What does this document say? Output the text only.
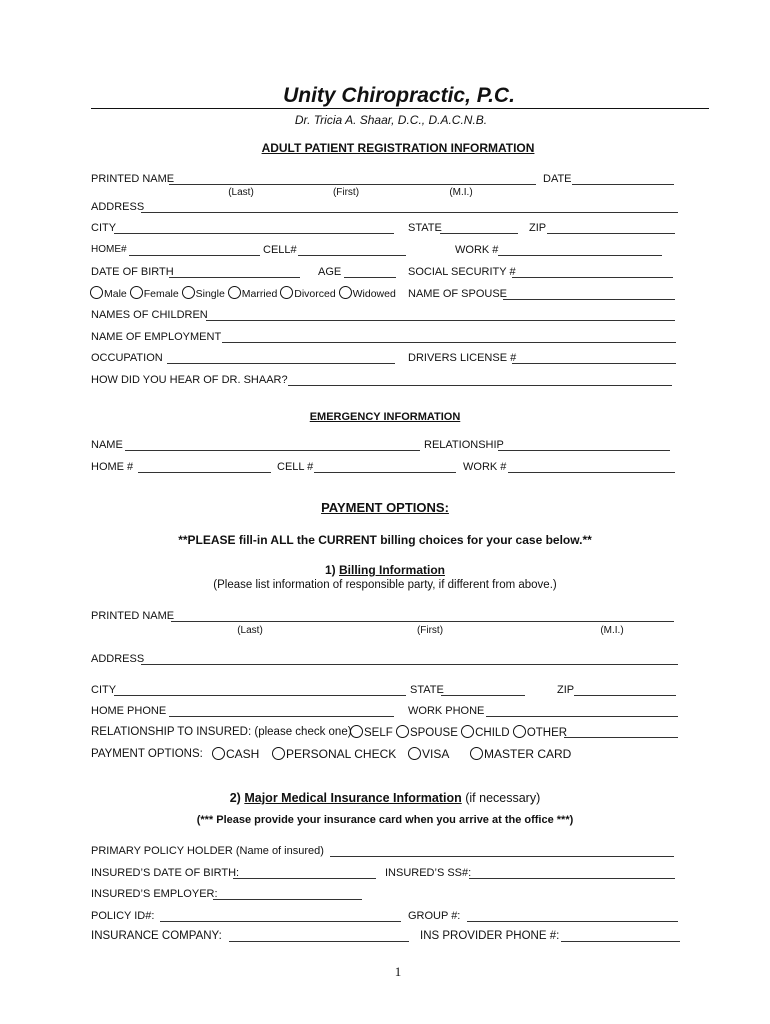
Unity Chiropractic, P.C.
Dr. Tricia A. Shaar, D.C., D.A.C.N.B.
ADULT PATIENT REGISTRATION INFORMATION
PRINTED NAME	DATE
(Last)	(First)	(M.I.)
ADDRESS
CITY	STATE	ZIP
HOME#	CELL#	WORK #
DATE OF BIRTH	AGE	SOCIAL SECURITY #
Male Female Single Married Divorced Widowed NAME OF SPOUSE
NAMES OF CHILDREN
NAME OF EMPLOYMENT
OCCUPATION	DRIVERS LICENSE #
HOW DID YOU HEAR OF DR. SHAAR?
EMERGENCY INFORMATION
NAME	RELATIONSHIP
HOME #	CELL #	WORK #
PAYMENT OPTIONS:
**PLEASE fill-in ALL the CURRENT billing choices for your case below.**
1) Billing Information
(Please list information of responsible party, if different from above.)
PRINTED NAME
(Last)	(First)	(M.I.)
ADDRESS
CITY	STATE	ZIP
HOME PHONE	WORK PHONE
RELATIONSHIP TO INSURED: (please check one)	SELF SPOUSE CHILD OTHER
PAYMENT OPTIONS:	CASH	PERSONAL CHECK	VISA	MASTER CARD
2) Major Medical Insurance Information (if necessary)
(*** Please provide your insurance card when you arrive at the office ***)
PRIMARY POLICY HOLDER (Name of insured)
INSURED’S DATE OF BIRTH:	INSURED’S SS#:
INSURED’S EMPLOYER:
POLICY ID#:	GROUP #:
INSURANCE COMPANY:	INS PROVIDER PHONE #:
1
